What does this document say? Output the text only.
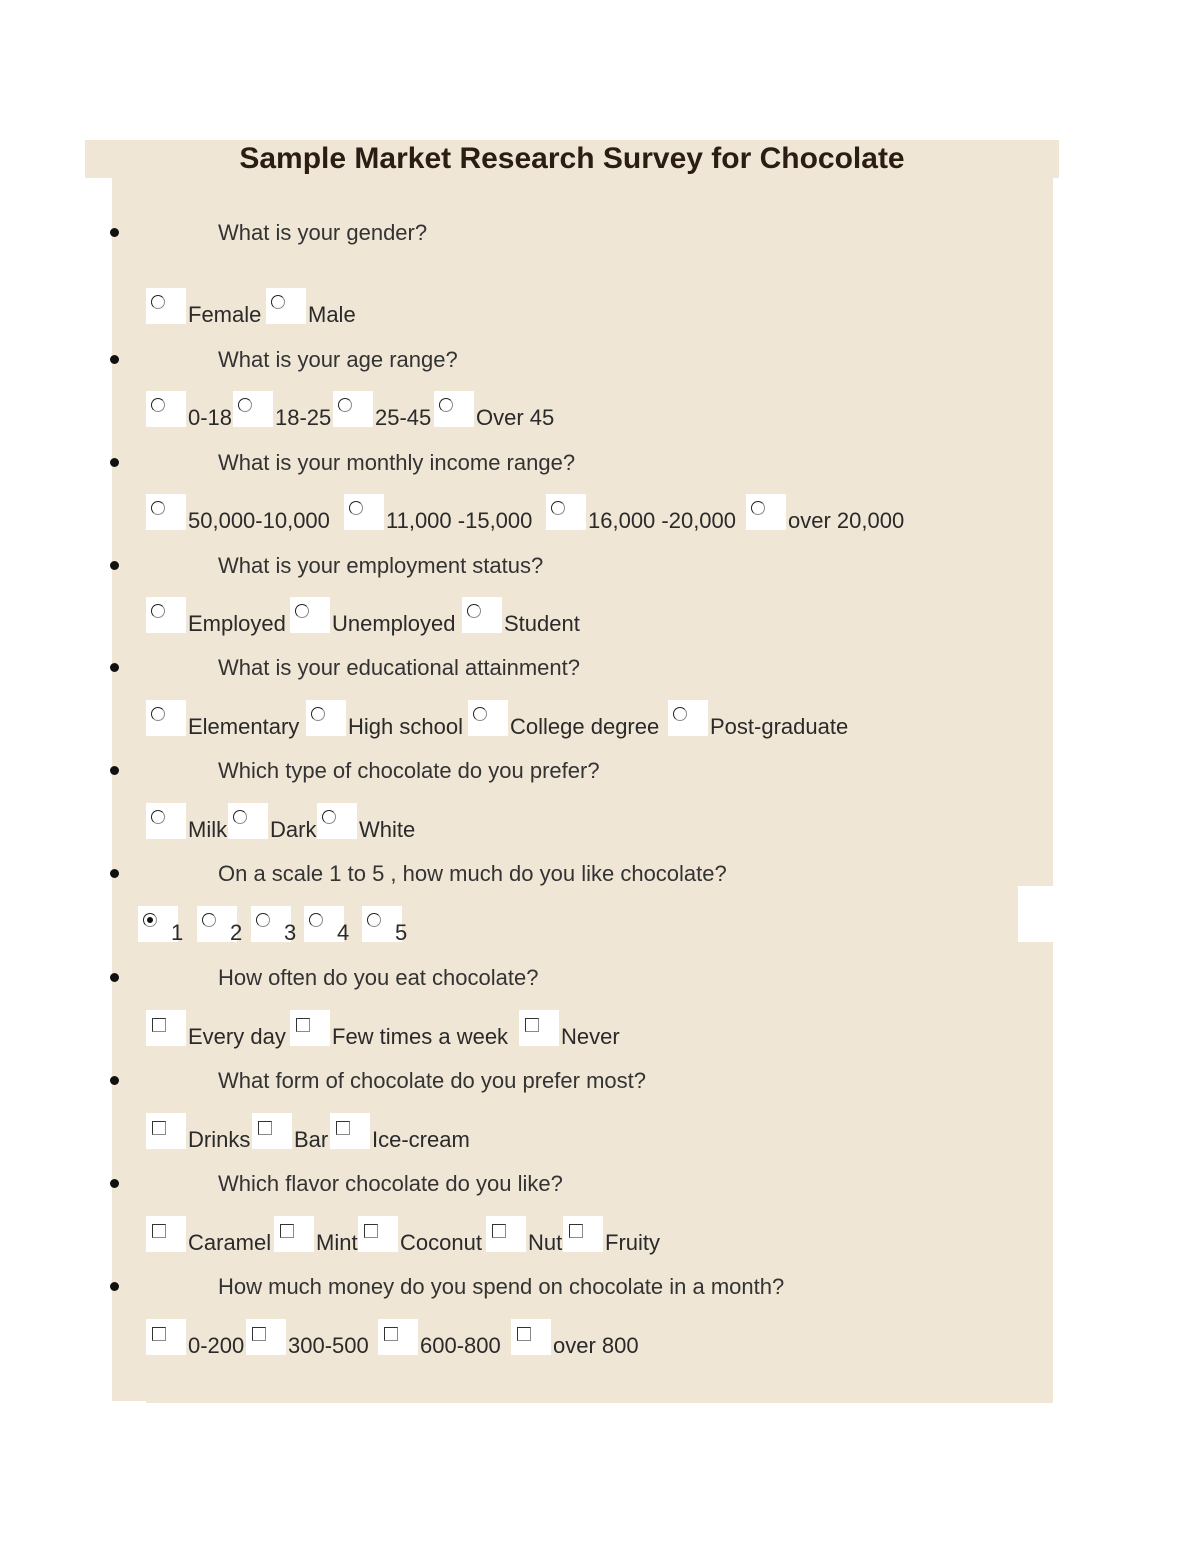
Sample Market Research Survey for Chocolate
What is your gender?
Female Male
What is your age range?
0-18 18-25 25-45 Over 45
What is your monthly income range?
50,000-10,000	11,000 -15,000	16,000 -20,000 over 20,000
What is your employment status?
Employed Unemployed Student
What is your educational attainment?
Elementary High school College degree Post-graduate
Which type of chocolate do you prefer?
Milk Dark White
On a scale 1 to 5 , how much do you like chocolate?
1 2 3 4 5
How often do you eat chocolate?
Every day Few times a week Never
What form of chocolate do you prefer most?
Drinks Bar Ice-cream
Which flavor chocolate do you like?
Caramel Mint Coconut Nut Fruity
How much money do you spend on chocolate in a month?
0-200 300-500 600-800 over 800
